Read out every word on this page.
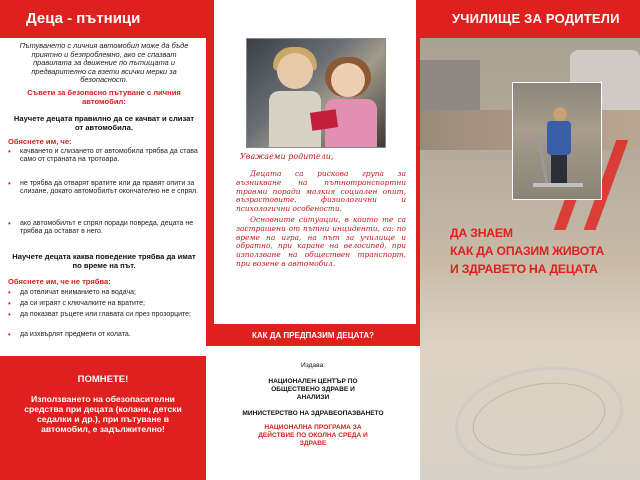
Деца - пътници
Пътуването с личния автомобил може да бъде приятно и безпроблемно, ако се спазват правилата за движение по пътищата и предварително са взети всички мерки за безопасност.
Съвети за безопасно пътуване с личния автомобил:
Научете децата правилно да се качват и слизат от автомобила.
Обяснете им, че:
• качването и слизането от автомобила трябва да става само от страната на тротоара.
• не трябва да отварят вратите или да правят опити за слизане, докато автомобилът окончателно не е спрял.
• ако автомобилът е спрял поради повреда, децата не трябва да остават в него.
Научете децата каква поведение трябва да имат по време на път.
Обяснете им, че не трябва:
• да отвличат вниманието на водача;
• да си играят с ключалките на вратите;
• да показват ръцете или главата си през прозорците;
• да изхвърлят предмети от колата.
ПОМНЕТЕ!
Използването на обезопасителни средства при децата (колани, детски седалки и др.), при пътуване в автомобил, е задължително!
Уважаеми родители,
Децата са рискова група за възникване на пътнотранспортни травми поради малкия социален опит, възрастовите, физиологични и психологични особености.
Основните ситуации, в които те са застрашени от пътни инциденти, са: по време на игра, на път за училище и обратно, при каране на велосипед, при използване на обществен транспорт, при возене в автомобил.
КАК ДА ПРЕДПАЗИМ ДЕЦАТА?
Издава:
НАЦИОНАЛЕН ЦЕНТЪР ПО ОБЩЕСТВЕНО ЗДРАВЕ И АНАЛИЗИ
МИНИСТЕРСТВО НА ЗДРАВЕОПАЗВАНЕТО
НАЦИОНАЛНА ПРОГРАМА ЗА ДЕЙСТВИЕ ПО ОКОЛНА СРЕДА И ЗДРАВЕ
УЧИЛИЩЕ ЗА РОДИТЕЛИ
ДА ЗНАЕМ
КАК ДА ОПАЗИМ ЖИВОТА
И ЗДРАВЕТО НА ДЕЦАТА
